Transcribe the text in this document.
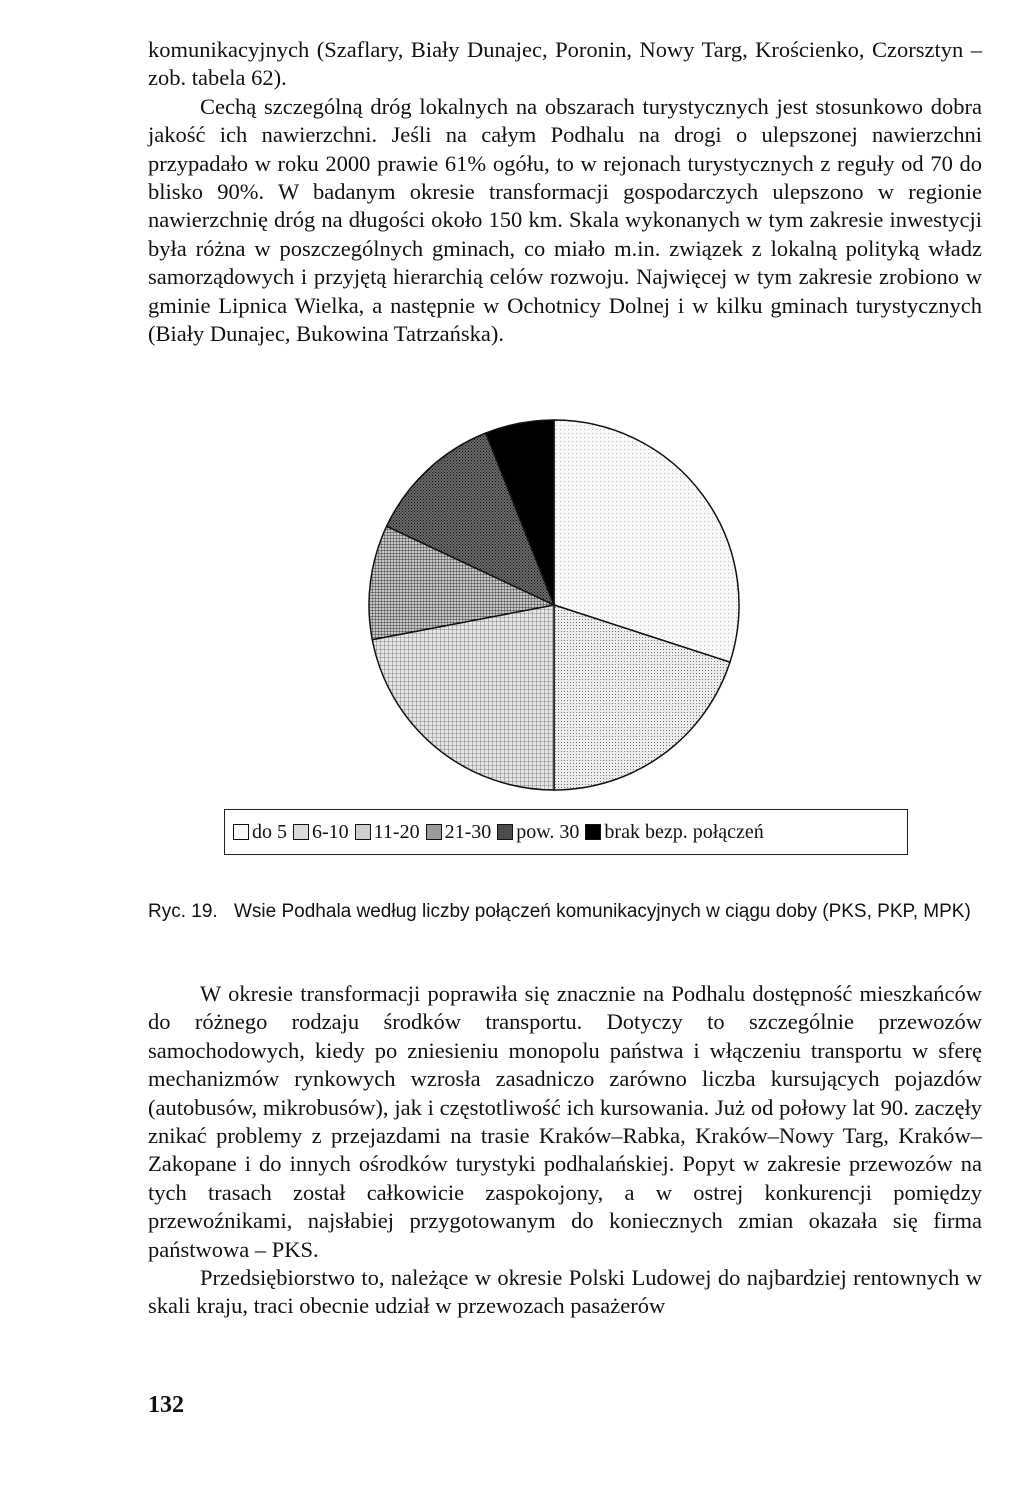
komunikacyjnych (Szaflary, Biały Dunajec, Poronin, Nowy Targ, Krościenko, Czorsztyn – zob. tabela 62).

Cechą szczególną dróg lokalnych na obszarach turystycznych jest stosunkowo dobra jakość ich nawierzchni. Jeśli na całym Podhalu na drogi o ulepszonej nawierzchni przypadało w roku 2000 prawie 61% ogółu, to w rejonach turystycznych z reguły od 70 do blisko 90%. W badanym okresie transformacji gospodarczych ulepszono w regionie nawierzchnię dróg na długości około 150 km. Skala wykonanych w tym zakresie inwestycji była różna w poszczególnych gminach, co miało m.in. związek z lokalną polityką władz samorządowych i przyjętą hierarchią celów rozwoju. Najwięcej w tym zakresie zrobiono w gminie Lipnica Wielka, a następnie w Ochotnicy Dolnej i w kilku gminach turystycznych (Biały Dunajec, Bukowina Tatrzańska).

do 5 6-10 11-20 21-30 pow. 30 brak bezp. połączeń
Ryc. 19. Wsie Podhala według liczby połączeń komunikacyjnych w ciągu doby (PKS, PKP, MPK)

W okresie transformacji poprawiła się znacznie na Podhalu dostępność mieszkańców do różnego rodzaju środków transportu. Dotyczy to szczególnie przewozów samochodowych, kiedy po zniesieniu monopolu państwa i włączeniu transportu w sferę mechanizmów rynkowych wzrosła zasadniczo zarówno liczba kursujących pojazdów (autobusów, mikrobusów), jak i częstotliwość ich kursowania. Już od połowy lat 90. zaczęły znikać problemy z przejazdami na trasie Kraków–Rabka, Kraków–Nowy Targ, Kraków–Zakopane i do innych ośrodków turystyki podhalańskiej. Popyt w zakresie przewozów na tych trasach został całkowicie zaspokojony, a w ostrej konkurencji pomiędzy przewoźnikami, najsłabiej przygotowanym do koniecznych zmian okazała się firma państwowa – PKS.

Przedsiębiorstwo to, należące w okresie Polski Ludowej do najbardziej rentownych w skali kraju, traci obecnie udział w przewozach pasażerów

132
